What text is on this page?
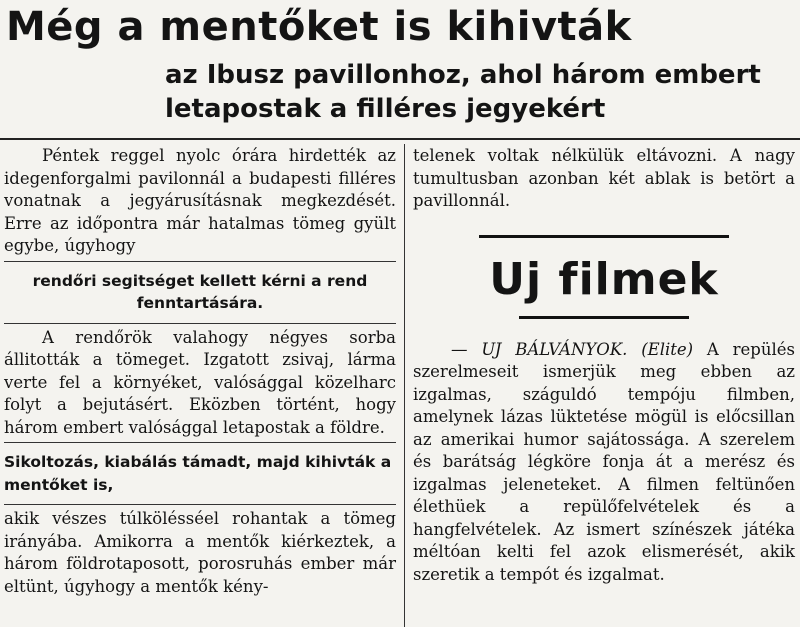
Még a mentőket is kihivták
az Ibusz pavillonhoz, ahol három embert
letapostak a filléres jegyekért

Péntek reggel nyolc órára hirdették az idegenforgalmi pavilonnál a budapesti filléres vonatnak a jegyárusításnak megkezdését. Erre az időpontra már hatalmas tömeg gyült egybe, úgyhogy

rendőri segitséget kellett kérni a rend fenntartására.

A rendőrök valahogy négyes sorba állitották a tömeget. Izgatott zsivaj, lárma verte fel a környéket, valósággal közelharc folyt a bejutásért. Eközben történt, hogy három embert valósággal letapostak a földre.

Sikoltozás, kiabálás támadt, majd kihivták a mentőket is,

akik vészes túlkölésséel rohantak a tömeg irányába. Amikorra a mentők kiérkeztek, a három földrotaposott, porosruhás ember már eltünt, úgyhogy a mentők kény-

telenek voltak nélkülük eltávozni. A nagy tumultusban azonban két ablak is betört a pavillonnál.

Uj filmek

— UJ BÁLVÁNYOK. (Elite) A repülés szerelmeseit ismerjük meg ebben az izgalmas, száguldó tempóju filmben, amelynek lázas lüktetése mögül is előcsillan az amerikai humor sajátossága. A szerelem és barátság légköre fonja át a merész és izgalmas jeleneteket. A filmen feltünően élethüek a repülőfelvételek és a hangfelvételek. Az ismert színészek játéka méltóan kelti fel azok elismerését, akik szeretik a tempót és izgalmat.
